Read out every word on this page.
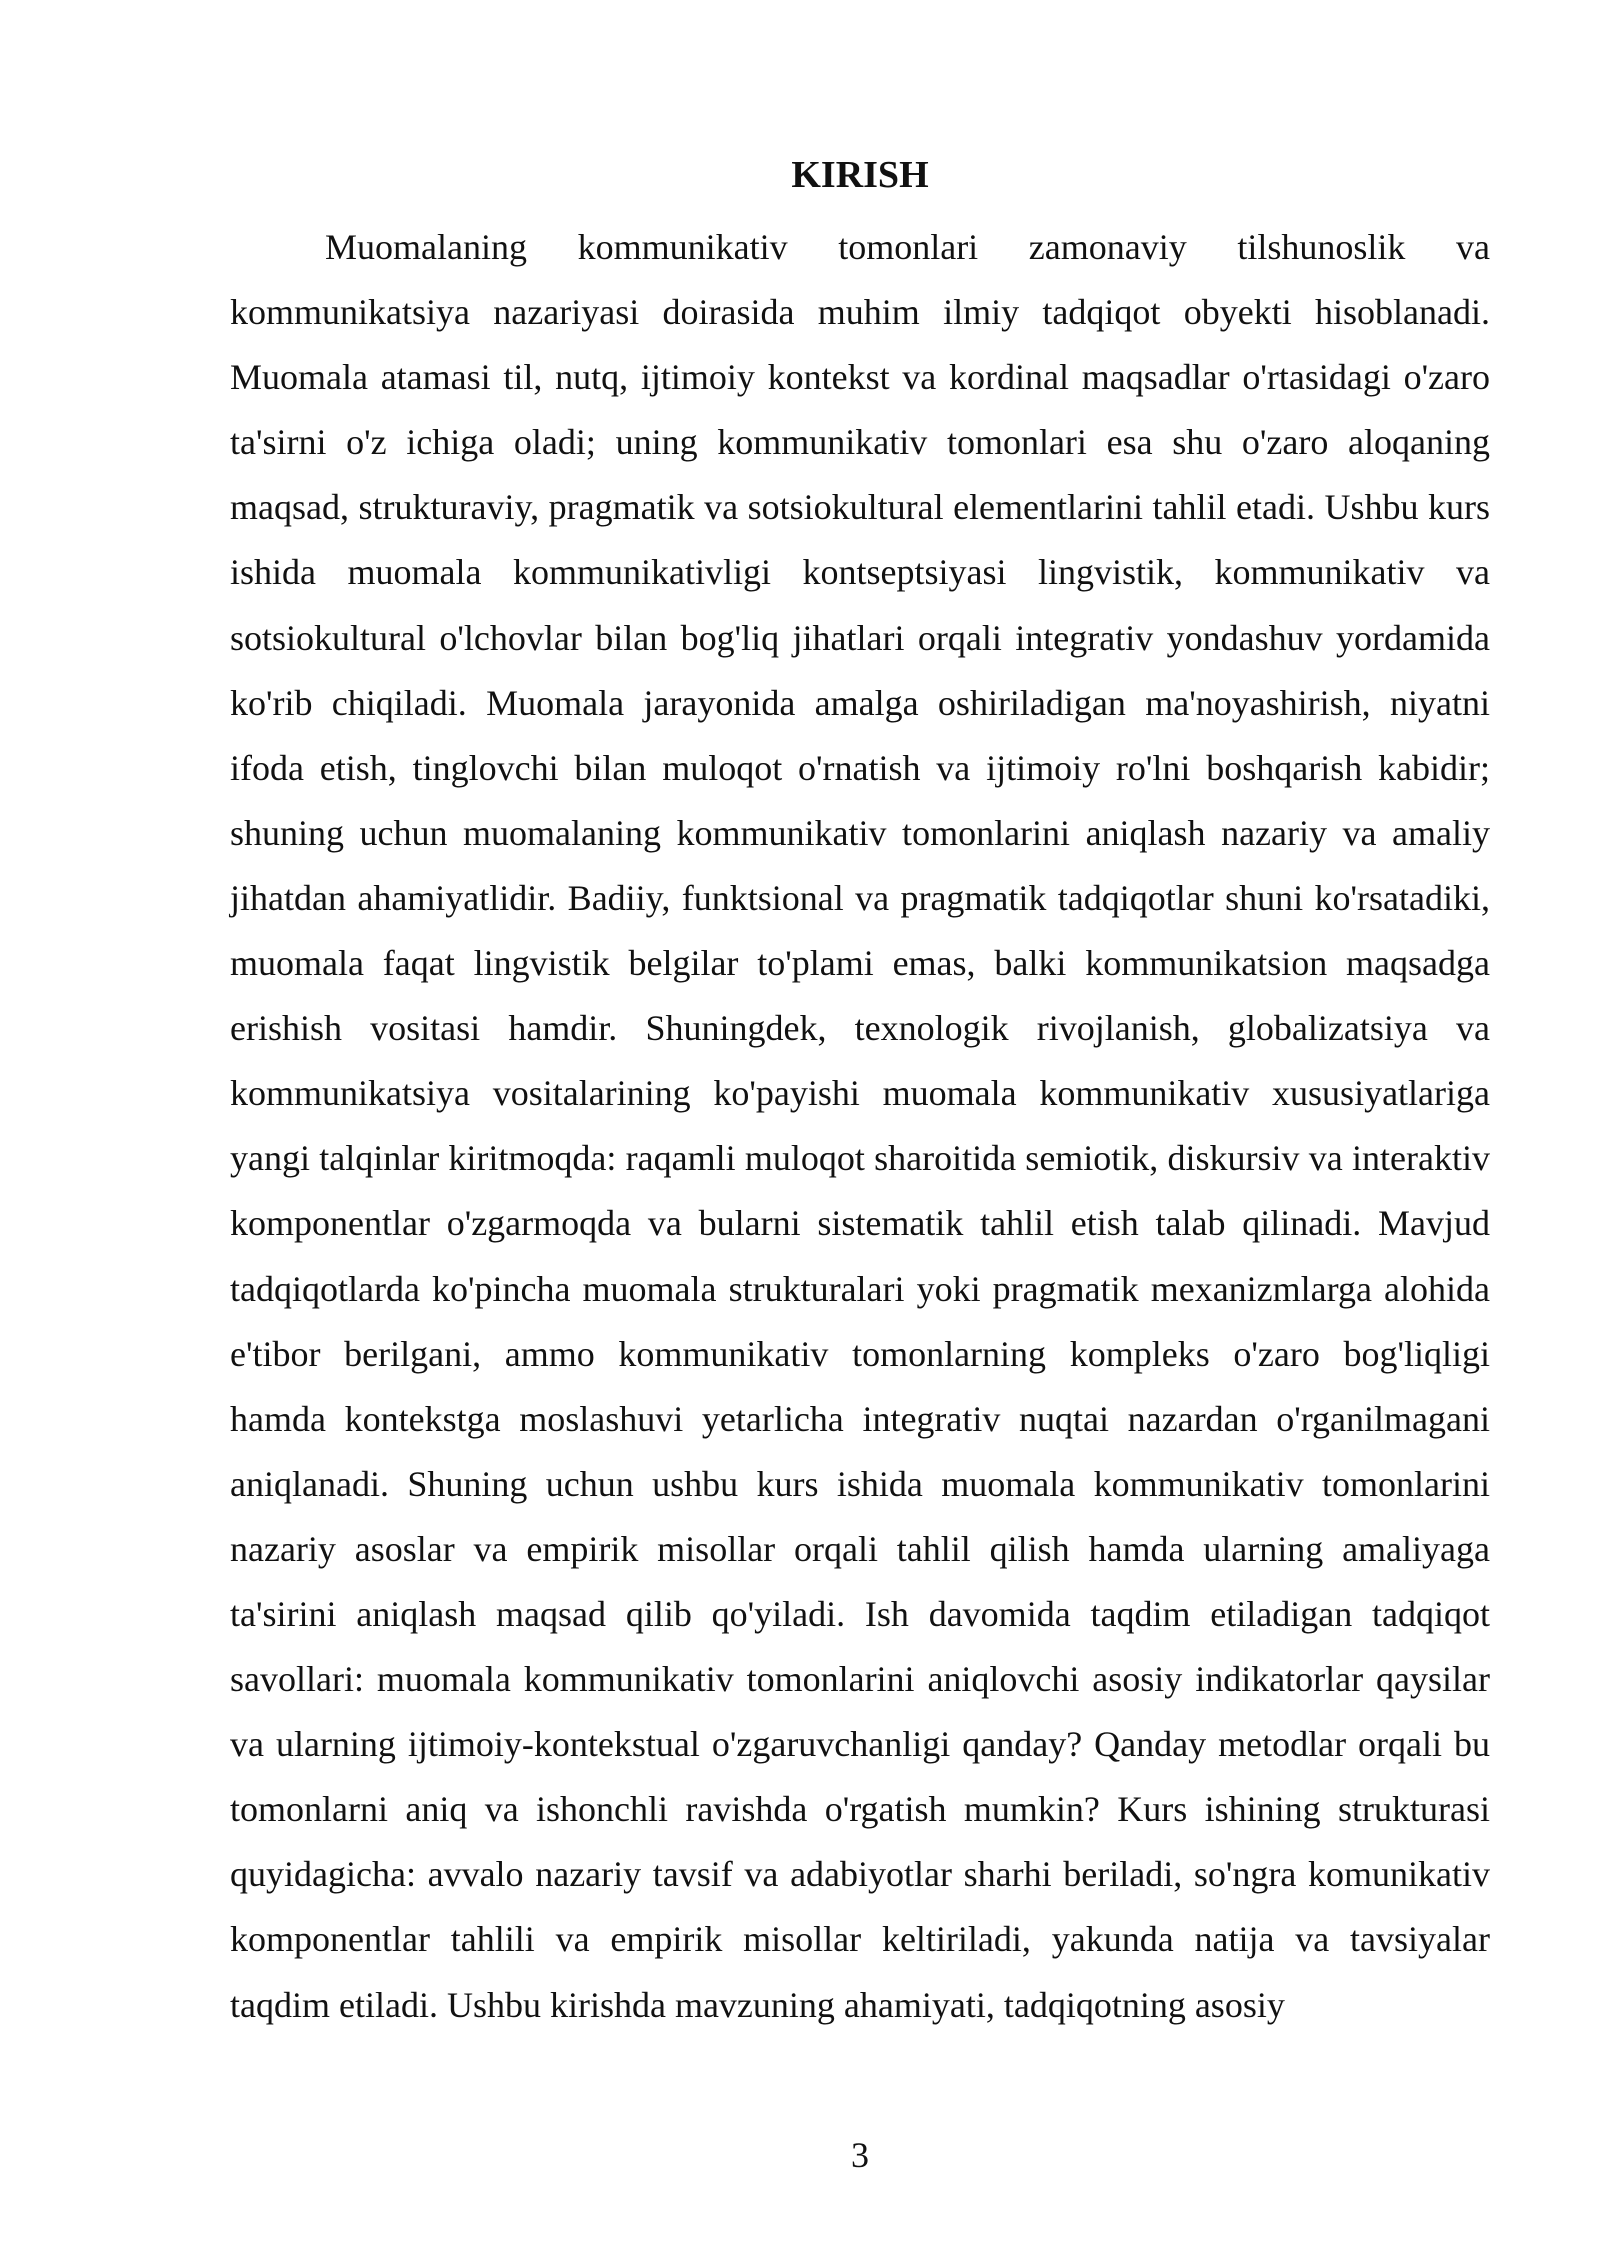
KIRISH

Muomalaning kommunikativ tomonlari zamonaviy tilshunoslik va kommunikatsiya nazariyasi doirasida muhim ilmiy tadqiqot obyekti hisoblanadi. Muomala atamasi til, nutq, ijtimoiy kontekst va kordinal maqsadlar o'rtasidagi o'zaro ta'sirni o'z ichiga oladi; uning kommunikativ tomonlari esa shu o'zaro aloqaning maqsad, strukturaviy, pragmatik va sotsiokultural elementlarini tahlil etadi. Ushbu kurs ishida muomala kommunikativligi kontseptsiyasi lingvistik, kommunikativ va sotsiokultural o'lchovlar bilan bog'liq jihatlari orqali integrativ yondashuv yordamida ko'rib chiqiladi. Muomala jarayonida amalga oshiriladigan ma'noyashirish, niyatni ifoda etish, tinglovchi bilan muloqot o'rnatish va ijtimoiy ro'lni boshqarish kabidir; shuning uchun muomalaning kommunikativ tomonlarini aniqlash nazariy va amaliy jihatdan ahamiyatlidir. Badiiy, funktsional va pragmatik tadqiqotlar shuni ko'rsatadiki, muomala faqat lingvistik belgilar to'plami emas, balki kommunikatsion maqsadga erishish vositasi hamdir. Shuningdek, texnologik rivojlanish, globalizatsiya va kommunikatsiya vositalarining ko'payishi muomala kommunikativ xususiyatlariga yangi talqinlar kiritmoqda: raqamli muloqot sharoitida semiotik, diskursiv va interaktiv komponentlar o'zgarmoqda va bularni sistematik tahlil etish talab qilinadi. Mavjud tadqiqotlarda ko'pincha muomala strukturalari yoki pragmatik mexanizmlarga alohida e'tibor berilgani, ammo kommunikativ tomonlarning kompleks o'zaro bog'liqligi hamda kontekstga moslashuvi yetarlicha integrativ nuqtai nazardan o'rganilmagani aniqlanadi. Shuning uchun ushbu kurs ishida muomala kommunikativ tomonlarini nazariy asoslar va empirik misollar orqali tahlil qilish hamda ularning amaliyaga ta'sirini aniqlash maqsad qilib qo'yiladi. Ish davomida taqdim etiladigan tadqiqot savollari: muomala kommunikativ tomonlarini aniqlovchi asosiy indikatorlar qaysilar va ularning ijtimoiy-kontekstual o'zgaruvchanligi qanday? Qanday metodlar orqali bu tomonlarni aniq va ishonchli ravishda o'rgatish mumkin? Kurs ishining strukturasi quyidagicha: avvalo nazariy tavsif va adabiyotlar sharhi beriladi, so'ngra komunikativ komponentlar tahlili va empirik misollar keltiriladi, yakunda natija va tavsiyalar taqdim etiladi. Ushbu kirishda mavzuning ahamiyati, tadqiqotning asosiy

3
